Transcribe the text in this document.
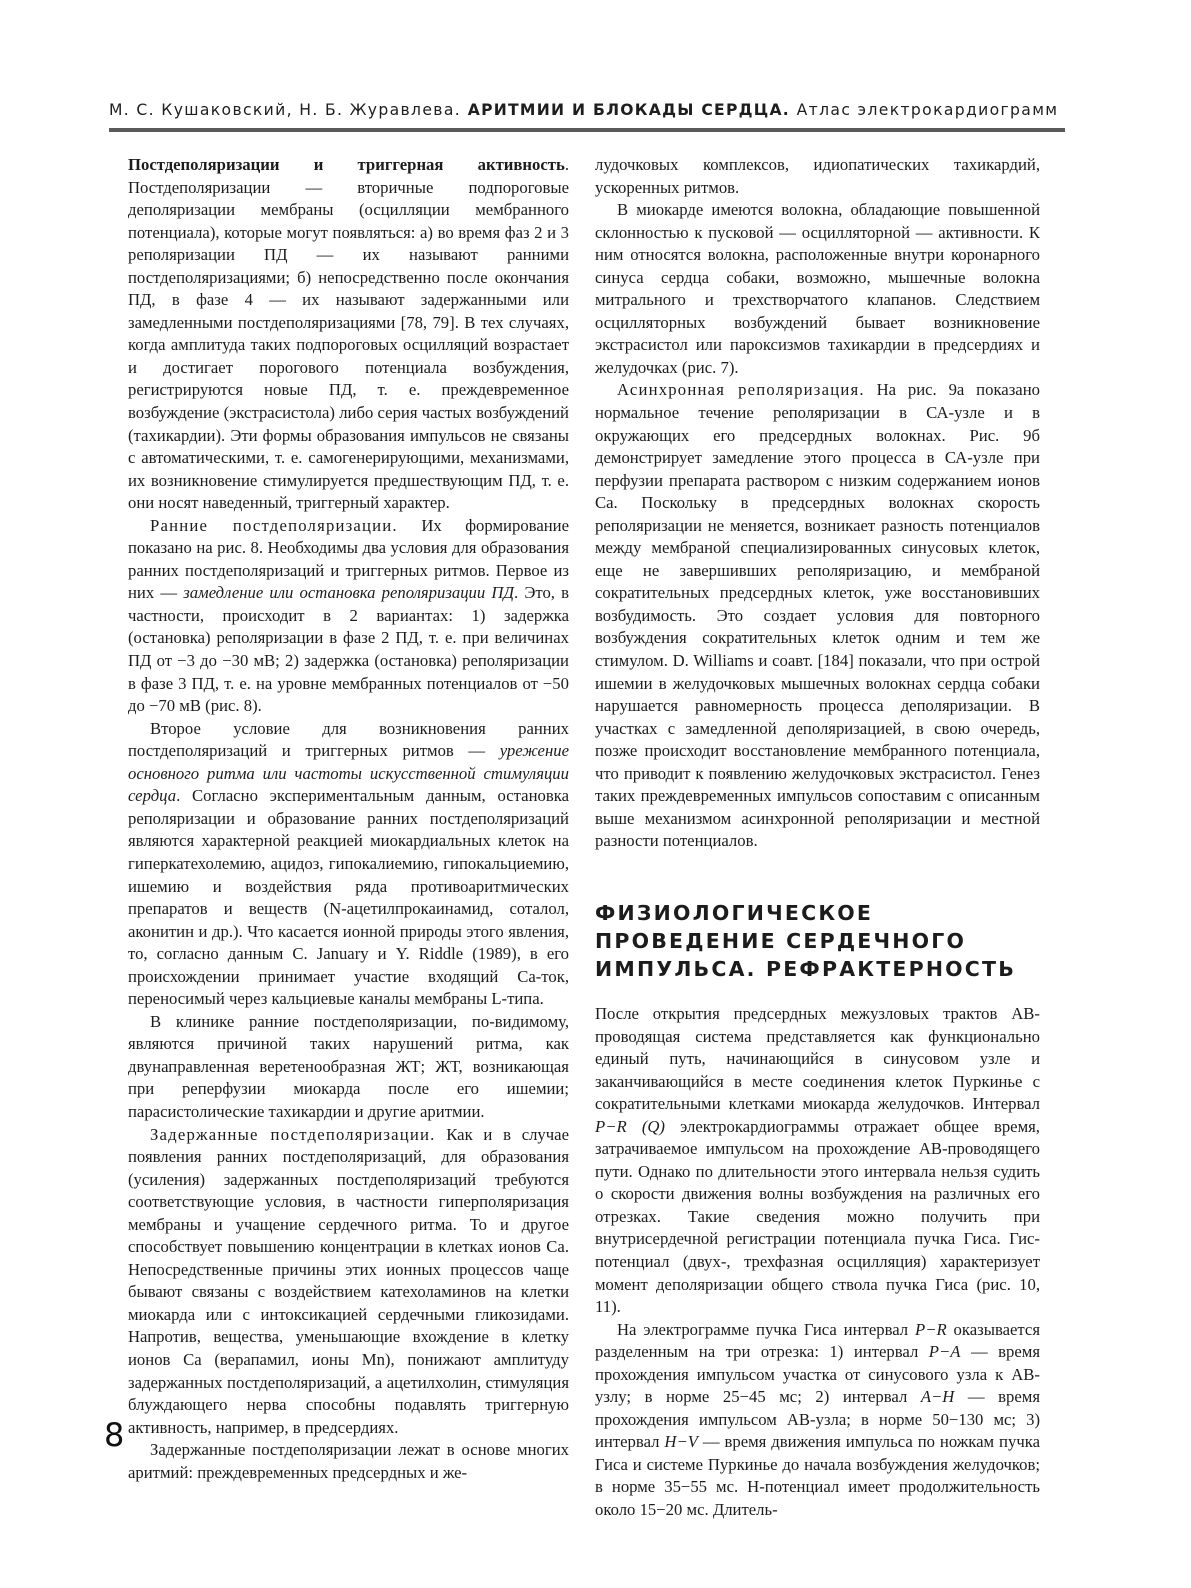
М. С. Кушаковский, Н. Б. Журавлева. АРИТМИИ И БЛОКАДЫ СЕРДЦА. Атлас электрокардиограмм

Постдеполяризации и триггерная активность. Постдеполяризации — вторичные подпороговые деполяризации мембраны (осцилляции мембранного потенциала), которые могут появляться: а) во время фаз 2 и 3 реполяризации ПД — их называют ранними постдеполяризациями; б) непосредственно после окончания ПД, в фазе 4 — их называют задержанными или замедленными постдеполяризациями [78, 79]. В тех случаях, когда амплитуда таких подпороговых осцилляций возрастает и достигает порогового потенциала возбуждения, регистрируются новые ПД, т. е. преждевременное возбуждение (экстрасистола) либо серия частых возбуждений (тахикардии). Эти формы образования импульсов не связаны с автоматическими, т. е. самогенерирующими, механизмами, их возникновение стимулируется предшествующим ПД, т. е. они носят наведенный, триггерный характер.

Ранние постдеполяризации. Их формирование показано на рис. 8. Необходимы два условия для образования ранних постдеполяризаций и триггерных ритмов. Первое из них — замедление или остановка реполяризации ПД. Это, в частности, происходит в 2 вариантах: 1) задержка (остановка) реполяризации в фазе 2 ПД, т. е. при величинах ПД от −3 до −30 мВ; 2) задержка (остановка) реполяризации в фазе 3 ПД, т. е. на уровне мембранных потенциалов от −50 до −70 мВ (рис. 8).

Второе условие для возникновения ранних постдеполяризаций и триггерных ритмов — урежение основного ритма или частоты искусственной стимуляции сердца. Согласно экспериментальным данным, остановка реполяризации и образование ранних постдеполяризаций являются характерной реакцией миокардиальных клеток на гиперкатехолемию, ацидоз, гипокалиемию, гипокальциемию, ишемию и воздействия ряда противоаритмических препаратов и веществ (N-ацетилпрокаинамид, соталол, аконитин и др.). Что касается ионной природы этого явления, то, согласно данным C. January и Y. Riddle (1989), в его происхождении принимает участие входящий Са-ток, переносимый через кальциевые каналы мембраны L-типа.

В клинике ранние постдеполяризации, по-видимому, являются причиной таких нарушений ритма, как двунаправленная веретенообразная ЖТ; ЖТ, возникающая при реперфузии миокарда после его ишемии; парасистолические тахикардии и другие аритмии.

Задержанные постдеполяризации. Как и в случае появления ранних постдеполяризаций, для образования (усиления) задержанных постдеполяризаций требуются соответствующие условия, в частности гиперполяризация мембраны и учащение сердечного ритма. То и другое способствует повышению концентрации в клетках ионов Са. Непосредственные причины этих ионных процессов чаще бывают связаны с воздействием катехоламинов на клетки миокарда или с интоксикацией сердечными гликозидами. Напротив, вещества, уменьшающие вхождение в клетку ионов Са (верапамил, ионы Mn), понижают амплитуду задержанных постдеполяризаций, а ацетилхолин, стимуляция блуждающего нерва способны подавлять триггерную активность, например, в предсердиях.

Задержанные постдеполяризации лежат в основе многих аритмий: преждевременных предсердных и же-

лудочковых комплексов, идиопатических тахикардий, ускоренных ритмов.

В миокарде имеются волокна, обладающие повышенной склонностью к пусковой — осцилляторной — активности. К ним относятся волокна, расположенные внутри коронарного синуса сердца собаки, возможно, мышечные волокна митрального и трехстворчатого клапанов. Следствием осцилляторных возбуждений бывает возникновение экстрасистол или пароксизмов тахикардии в предсердиях и желудочках (рис. 7).

Асинхронная реполяризация. На рис. 9а показано нормальное течение реполяризации в СА-узле и в окружающих его предсердных волокнах. Рис. 9б демонстрирует замедление этого процесса в СА-узле при перфузии препарата раствором с низким содержанием ионов Са. Поскольку в предсердных волокнах скорость реполяризации не меняется, возникает разность потенциалов между мембраной специализированных синусовых клеток, еще не завершивших реполяризацию, и мембраной сократительных предсердных клеток, уже восстановивших возбудимость. Это создает условия для повторного возбуждения сократительных клеток одним и тем же стимулом. D. Williams и соавт. [184] показали, что при острой ишемии в желудочковых мышечных волокнах сердца собаки нарушается равномерность процесса деполяризации. В участках с замедленной деполяризацией, в свою очередь, позже происходит восстановление мембранного потенциала, что приводит к появлению желудочковых экстрасистол. Генез таких преждевременных импульсов сопоставим с описанным выше механизмом асинхронной реполяризации и местной разности потенциалов.

ФИЗИОЛОГИЧЕСКОЕ ПРОВЕДЕНИЕ СЕРДЕЧНОГО ИМПУЛЬСА. РЕФРАКТЕРНОСТЬ

После открытия предсердных межузловых трактов АВ-проводящая система представляется как функционально единый путь, начинающийся в синусовом узле и заканчивающийся в месте соединения клеток Пуркинье с сократительными клетками миокарда желудочков. Интервал P−R (Q) электрокардиограммы отражает общее время, затрачиваемое импульсом на прохождение АВ-проводящего пути. Однако по длительности этого интервала нельзя судить о скорости движения волны возбуждения на различных его отрезках. Такие сведения можно получить при внутрисердечной регистрации потенциала пучка Гиса. Гис-потенциал (двух-, трехфазная осцилляция) характеризует момент деполяризации общего ствола пучка Гиса (рис. 10, 11).

На электрограмме пучка Гиса интервал P−R оказывается разделенным на три отрезка: 1) интервал P−A — время прохождения импульсом участка от синусового узла к АВ-узлу; в норме 25−45 мс; 2) интервал A−H — время прохождения импульсом АВ-узла; в норме 50−130 мс; 3) интервал H−V — время движения импульса по ножкам пучка Гиса и системе Пуркинье до начала возбуждения желудочков; в норме 35−55 мс. Н-потенциал имеет продолжительность около 15−20 мс. Длитель-

8
